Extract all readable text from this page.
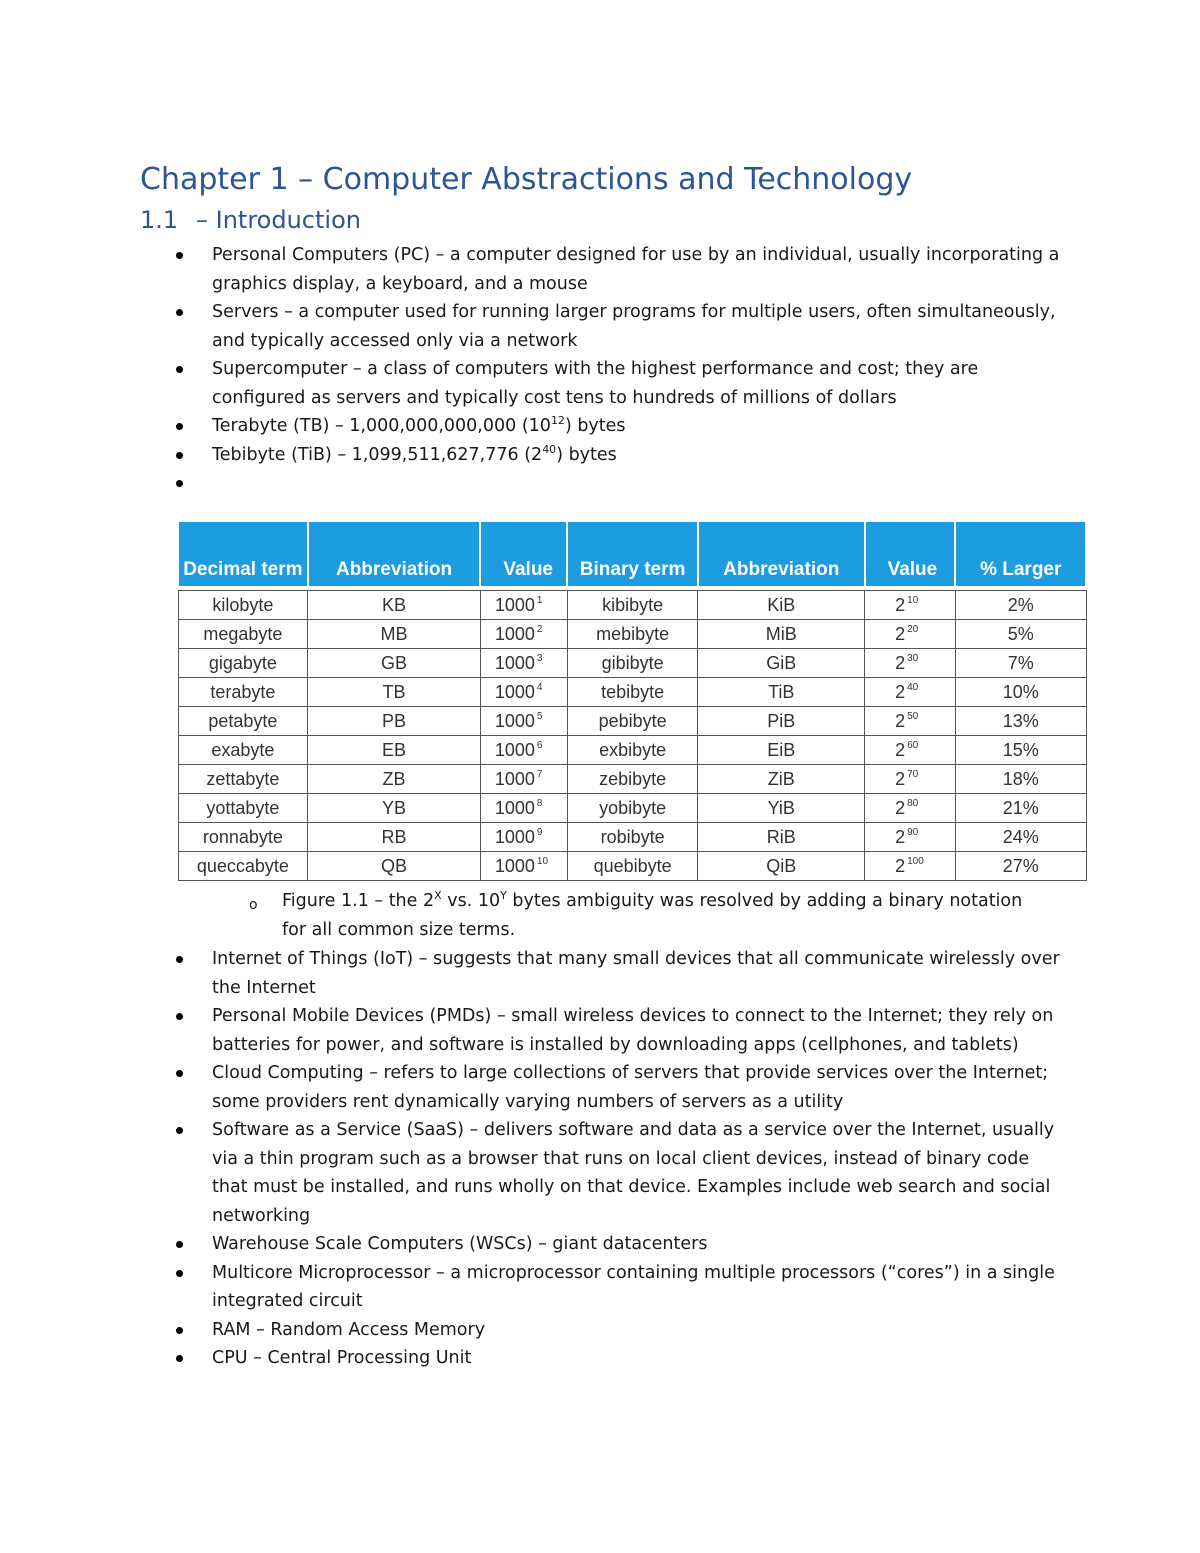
Chapter 1 – Computer Abstractions and Technology
1.1 – Introduction
Personal Computers (PC) – a computer designed for use by an individual, usually incorporating a graphics display, a keyboard, and a mouse
Servers – a computer used for running larger programs for multiple users, often simultaneously, and typically accessed only via a network
Supercomputer – a class of computers with the highest performance and cost; they are configured as servers and typically cost tens to hundreds of millions of dollars
Terabyte (TB) – 1,000,000,000,000 $(10^{12})$ bytes
Tebibyte (TiB) – 1,099,511,627,776 $(2^{40})$ bytes

Decimal term	Abbreviation	Value	Binary term	Abbreviation	Value	% Larger

kilobyte	KB	1000 $^1$	kibibyte	KiB	2 $^{10}$	2%
megabyte	MB	1000 $^2$	mebibyte	MiB	2 $^{20}$	5%
gigabyte	GB	1000 $^3$	gibibyte	GiB	2 $^{30}$	7%
terabyte	TB	1000 $^4$	tebibyte	TiB	2 $^{40}$	10%
petabyte	PB	1000 $^5$	pebibyte	PiB	2 $^{50}$	13%
exabyte	EB	1000 $^6$	exbibyte	EiB	2 $^{60}$	15%
zettabyte	ZB	1000 $^7$	zebibyte	ZiB	2 $^{70}$	18%
yottabyte	YB	1000 $^8$	yobibyte	YiB	2 $^{80}$	21%
ronnabyte	RB	1000 $^9$	robibyte	RiB	2 $^{90}$	24%
queccabyte	QB	1000 $^{10}$	quebibyte	QiB	2 $^{100}$	27%
o	Figure 1.1 – the $2^X$ vs. $10^Y$ bytes ambiguity was resolved by adding a binary notation for all common size terms.
Internet of Things (IoT) – suggests that many small devices that all communicate wirelessly over the Internet
Personal Mobile Devices (PMDs) – small wireless devices to connect to the Internet; they rely on batteries for power, and software is installed by downloading apps (cellphones, and tablets)
Cloud Computing – refers to large collections of servers that provide services over the Internet; some providers rent dynamically varying numbers of servers as a utility
Software as a Service (SaaS) – delivers software and data as a service over the Internet, usually via a thin program such as a browser that runs on local client devices, instead of binary code that must be installed, and runs wholly on that device. Examples include web search and social networking
Warehouse Scale Computers (WSCs) – giant datacenters
Multicore Microprocessor – a microprocessor containing multiple processors (“cores”) in a single integrated circuit
RAM – Random Access Memory
CPU – Central Processing Unit
